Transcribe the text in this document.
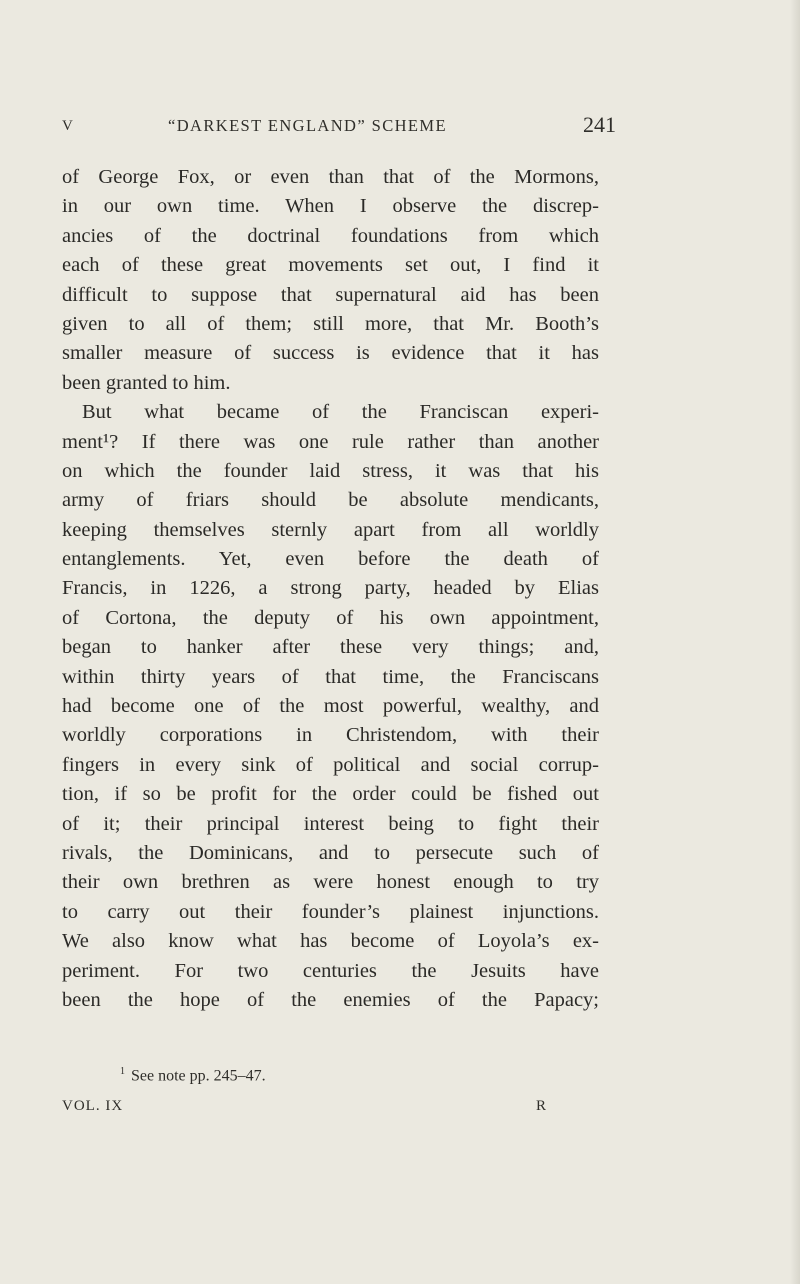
V	“DARKEST ENGLAND” SCHEME	241
of George Fox, or even than that of the Mormons,
in our own time. When I observe the discrep-
ancies of the doctrinal foundations from which
each of these great movements set out, I find it
difficult to suppose that supernatural aid has been
given to all of them; still more, that Mr. Booth’s
smaller measure of success is evidence that it has
been granted to him.
But what became of the Franciscan experi-
ment¹? If there was one rule rather than another
on which the founder laid stress, it was that his
army of friars should be absolute mendicants,
keeping themselves sternly apart from all worldly
entanglements. Yet, even before the death of
Francis, in 1226, a strong party, headed by Elias
of Cortona, the deputy of his own appointment,
began to hanker after these very things; and,
within thirty years of that time, the Franciscans
had become one of the most powerful, wealthy, and
worldly corporations in Christendom, with their
fingers in every sink of political and social corrup-
tion, if so be profit for the order could be fished out
of it; their principal interest being to fight their
rivals, the Dominicans, and to persecute such of
their own brethren as were honest enough to try
to carry out their founder’s plainest injunctions.
We also know what has become of Loyola’s ex-
periment. For two centuries the Jesuits have
been the hope of the enemies of the Papacy;
$^1$ See note pp. 245–47.
VOL. IX	R
